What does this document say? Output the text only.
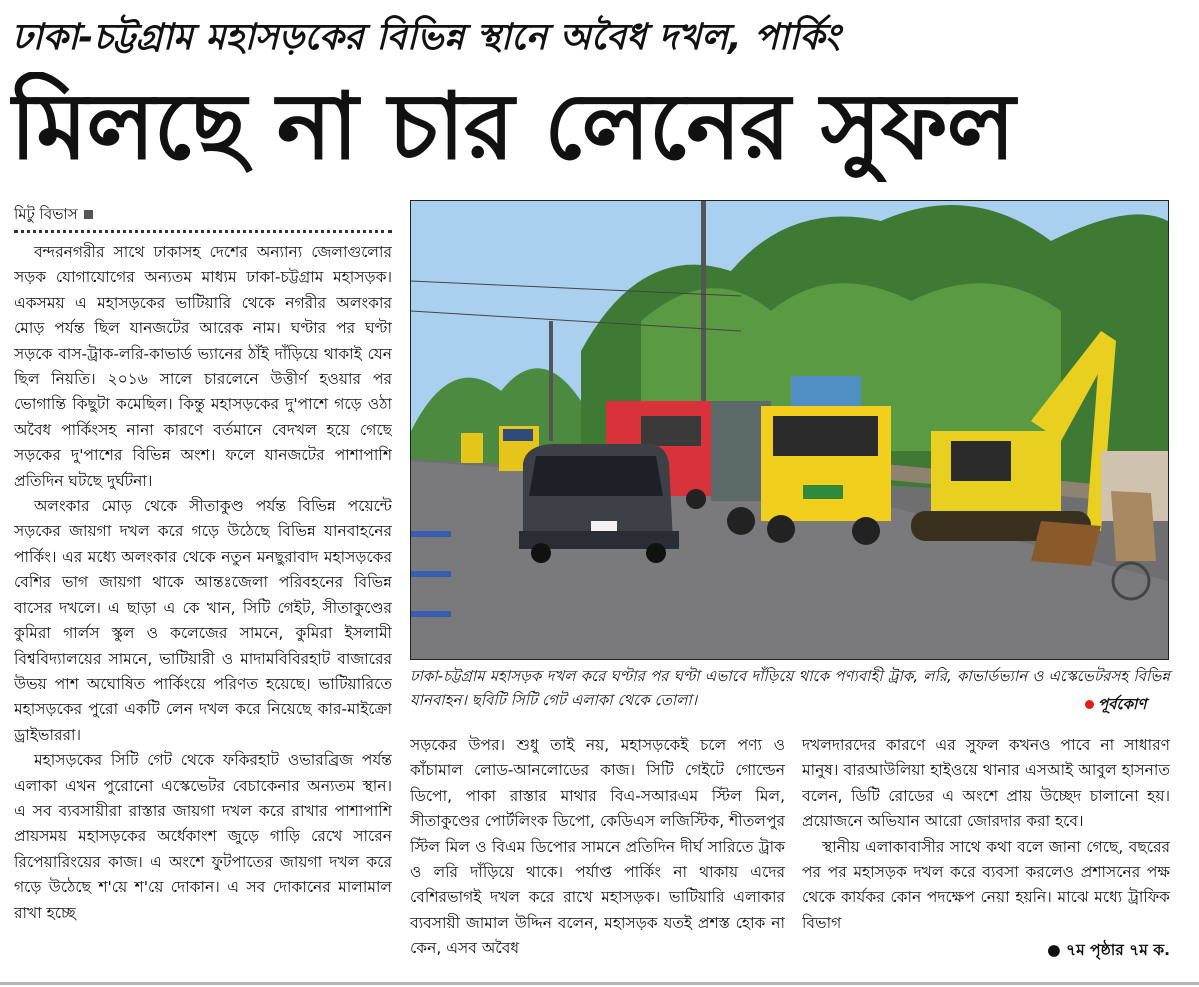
ঢাকা-চট্টগ্রাম মহাসড়কের বিভিন্ন স্থানে অবৈধ দখল, পার্কিং
মিলছে না চার লেনের সুফল
মিটু বিভাস

বন্দরনগরীর সাথে ঢাকাসহ দেশের অন্যান্য জেলাগুলোর সড়ক যোগাযোগের অন্যতম মাধ্যম ঢাকা-চট্টগ্রাম মহাসড়ক। একসময় এ মহাসড়কের ভাটিয়ারি থেকে নগরীর অলংকার মোড় পর্যন্ত ছিল যানজটের আরেক নাম। ঘণ্টার পর ঘণ্টা সড়কে বাস-ট্রাক-লরি-কাভার্ড ভ্যানের ঠাঁই দাঁড়িয়ে থাকাই যেন ছিল নিয়তি। ২০১৬ সালে চারলেনে উত্তীর্ণ হওয়ার পর ভোগান্তি কিছুটা কমেছিল। কিন্তু মহাসড়কের দু'পাশে গড়ে ওঠা অবৈধ পার্কিংসহ নানা কারণে বর্তমানে বেদখল হয়ে গেছে সড়কের দু'পাশের বিভিন্ন অংশ। ফলে যানজটের পাশাপাশি প্রতিদিন ঘটছে দুর্ঘটনা।

অলংকার মোড় থেকে সীতাকুণ্ড পর্যন্ত বিভিন্ন পয়েন্টে সড়কের জায়গা দখল করে গড়ে উঠেছে বিভিন্ন যানবাহনের পার্কিং। এর মধ্যে অলংকার থেকে নতুন মনছুরাবাদ মহাসড়কের বেশির ভাগ জায়গা থাকে আন্তঃজেলা পরিবহনের বিভিন্ন বাসের দখলে। এ ছাড়া এ কে খান, সিটি গেইট, সীতাকুণ্ডের কুমিরা গার্লস স্কুল ও কলেজের সামনে, কুমিরা ইসলামী বিশ্ববিদ্যালয়ের সামনে, ভাটিয়ারী ও মাদামবিবিরহাট বাজারের উভয় পাশ অঘোষিত পার্কিংয়ে পরিণত হয়েছে। ভাটিয়ারিতে মহাসড়কের পুরো একটি লেন দখল করে নিয়েছে কার-মাইক্রো ড্রাইভাররা।

মহাসড়কের সিটি গেট থেকে ফকিরহাট ওভারব্রিজ পর্যন্ত এলাকা এখন পুরোনো এস্কেভেটর বেচাকেনার অন্যতম স্থান। এ সব ব্যবসায়ীরা রাস্তার জায়গা দখল করে রাখার পাশাপাশি প্রায়সময় মহাসড়কের অর্ধেকাংশ জুড়ে গাড়ি রেখে সারেন রিপেয়ারিংয়ের কাজ। এ অংশে ফুটপাতের জায়গা দখল করে গড়ে উঠেছে শ'য়ে শ'য়ে দোকান। এ সব দোকানের মালামাল রাখা হচ্ছে

ঢাকা-চট্টগ্রাম মহাসড়ক দখল করে ঘণ্টার পর ঘণ্টা এভাবে দাঁড়িয়ে থাকে পণ্যবাহী ট্রাক, লরি, কাভার্ডভ্যান ও এস্কেভেটরসহ বিভিন্ন যানবাহন। ছবিটি সিটি গেট এলাকা থেকে তোলা।	পূর্বকোণ

সড়কের উপর। শুধু তাই নয়, মহাসড়কেই চলে পণ্য ও কাঁচামাল লোড-আনলোডের কাজ। সিটি গেইটে গোল্ডেন ডিপো, পাকা রাস্তার মাথার বিএ-সআরএম স্টিল মিল, সীতাকুণ্ডের পোর্টলিংক ডিপো, কেডিএস লজিস্টিক, শীতলপুর স্টিল মিল ও বিএম ডিপোর সামনে প্রতিদিন দীর্ঘ সারিতে ট্রাক ও লরি দাঁড়িয়ে থাকে। পর্যাপ্ত পার্কিং না থাকায় এদের বেশিরভাগই দখল করে রাখে মহাসড়ক। ভাটিয়ারি এলাকার ব্যবসায়ী জামাল উদ্দিন বলেন, মহাসড়ক যতই প্রশস্ত হোক না কেন, এসব অবৈধ

দখলদারদের কারণে এর সুফল কখনও পাবে না সাধারণ মানুষ। বারআউলিয়া হাইওয়ে থানার এসআই আবুল হাসনাত বলেন, ডিটি রোডের এ অংশে প্রায় উচ্ছেদ চালানো হয়। প্রয়োজনে অভিযান আরো জোরদার করা হবে।

স্থানীয় এলাকাবাসীর সাথে কথা বলে জানা গেছে, বছরের পর পর মহাসড়ক দখল করে ব্যবসা করলেও প্রশাসনের পক্ষ থেকে কার্যকর কোন পদক্ষেপ নেয়া হয়নি। মাঝে মধ্যে ট্রাফিক বিভাগ

● ৭ম পৃষ্ঠার ৭ম ক.
